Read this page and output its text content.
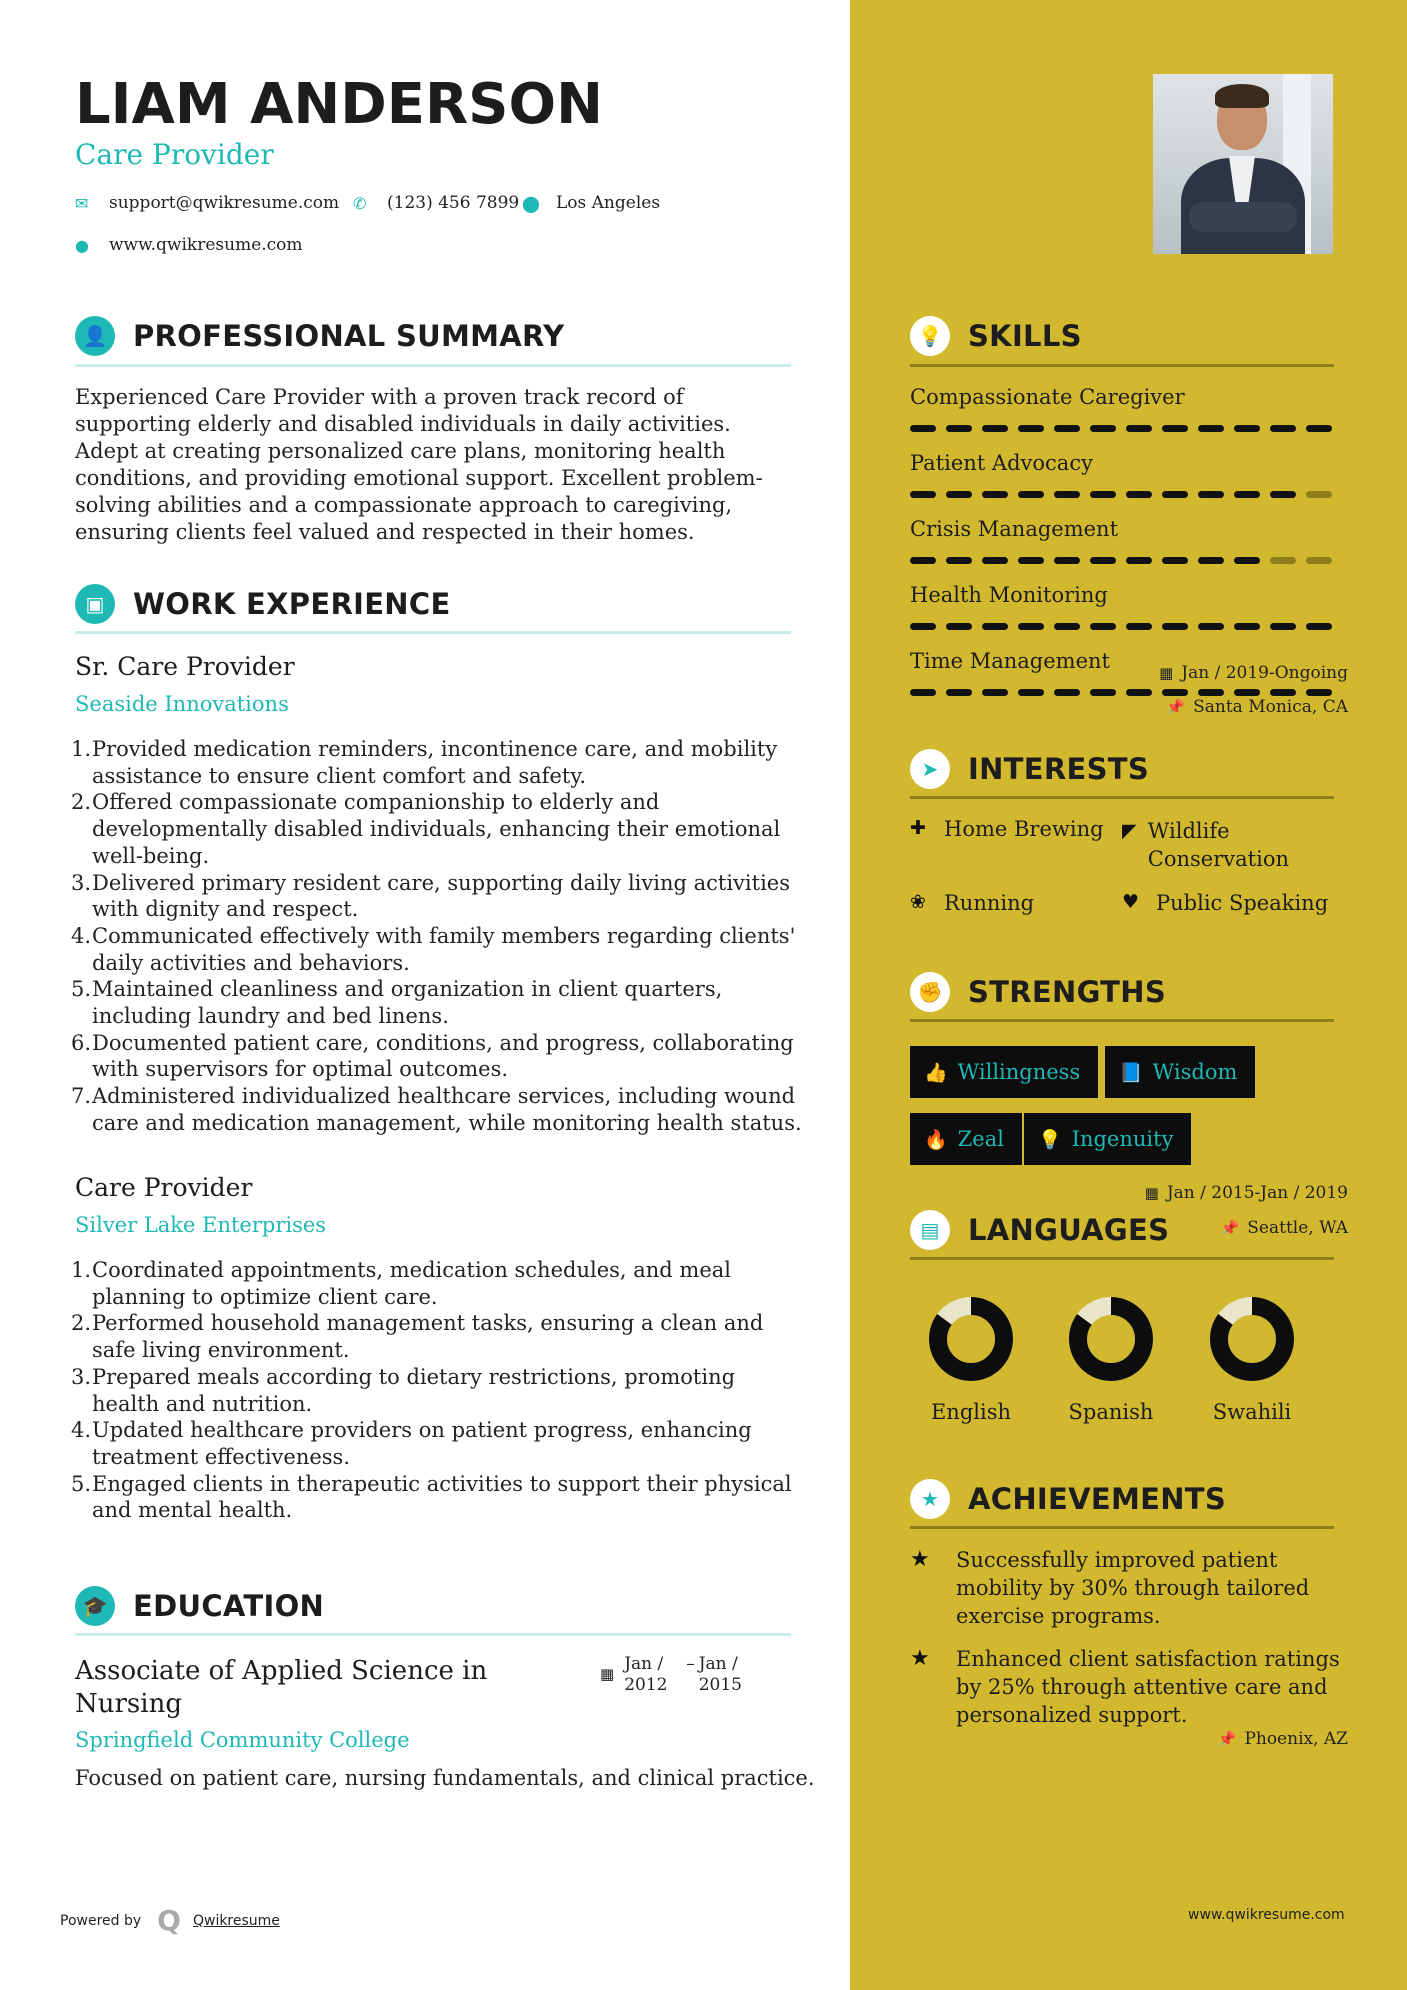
LIAM ANDERSON
Care Provider
✉	support@qwikresume.com ✆	(123) 456 7899 ⬤ Los Angeles
●	www.qwikresume.com
👤 PROFESSIONAL SUMMARY
Experienced Care Provider with a proven track record of supporting elderly and disabled individuals in daily activities. Adept at creating personalized care plans, monitoring health conditions, and providing emotional support. Excellent problem-solving abilities and a compassionate approach to caregiving, ensuring clients feel valued and respected in their homes.
▣ WORK EXPERIENCE
Sr. Care Provider	▦ Jan / 2019-Ongoing
Seaside Innovations	📌 Santa Monica, CA
1. Provided medication reminders, incontinence care, and mobility assistance to ensure client comfort and safety.
2. Offered compassionate companionship to elderly and developmentally disabled individuals, enhancing their emotional well-being.
3. Delivered primary resident care, supporting daily living activities with dignity and respect.
4. Communicated effectively with family members regarding clients' daily activities and behaviors.
5. Maintained cleanliness and organization in client quarters, including laundry and bed linens.
6. Documented patient care, conditions, and progress, collaborating with supervisors for optimal outcomes.
7. Administered individualized healthcare services, including wound care and medication management, while monitoring health status.
Care Provider	▦ Jan / 2015-Jan / 2019
Silver Lake Enterprises	📌 Seattle, WA
1. Coordinated appointments, medication schedules, and meal planning to optimize client care.
2. Performed household management tasks, ensuring a clean and safe living environment.
3. Prepared meals according to dietary restrictions, promoting health and nutrition.
4. Updated healthcare providers on patient progress, enhancing treatment effectiveness.
5. Engaged clients in therapeutic activities to support their physical and mental health.
🎓 EDUCATION
Associate of Applied Science in Nursing
▦ Jan / 2012
– Jan / 2015
Springfield Community College	📌 Phoenix, AZ
Focused on patient care, nursing fundamentals, and clinical practice.
Powered by Q Qwikresume	www.qwikresume.com
💡 SKILLS
Compassionate Caregiver
Patient Advocacy
Crisis Management
Health Monitoring
Time Management
➤	INTERESTS
✚ Home Brewing ◤ Wildlife Conservation
❀ Running	♥ Public Speaking
✊ STRENGTHS
👍 Willingness 📘 Wisdom
🔥 Zeal 💡 Ingenuity
▤ LANGUAGES
English	Spanish	Swahili
★	ACHIEVEMENTS
★	Successfully improved patient mobility by 30% through tailored exercise programs.
★	Enhanced client satisfaction ratings by 25% through attentive care and personalized support.
